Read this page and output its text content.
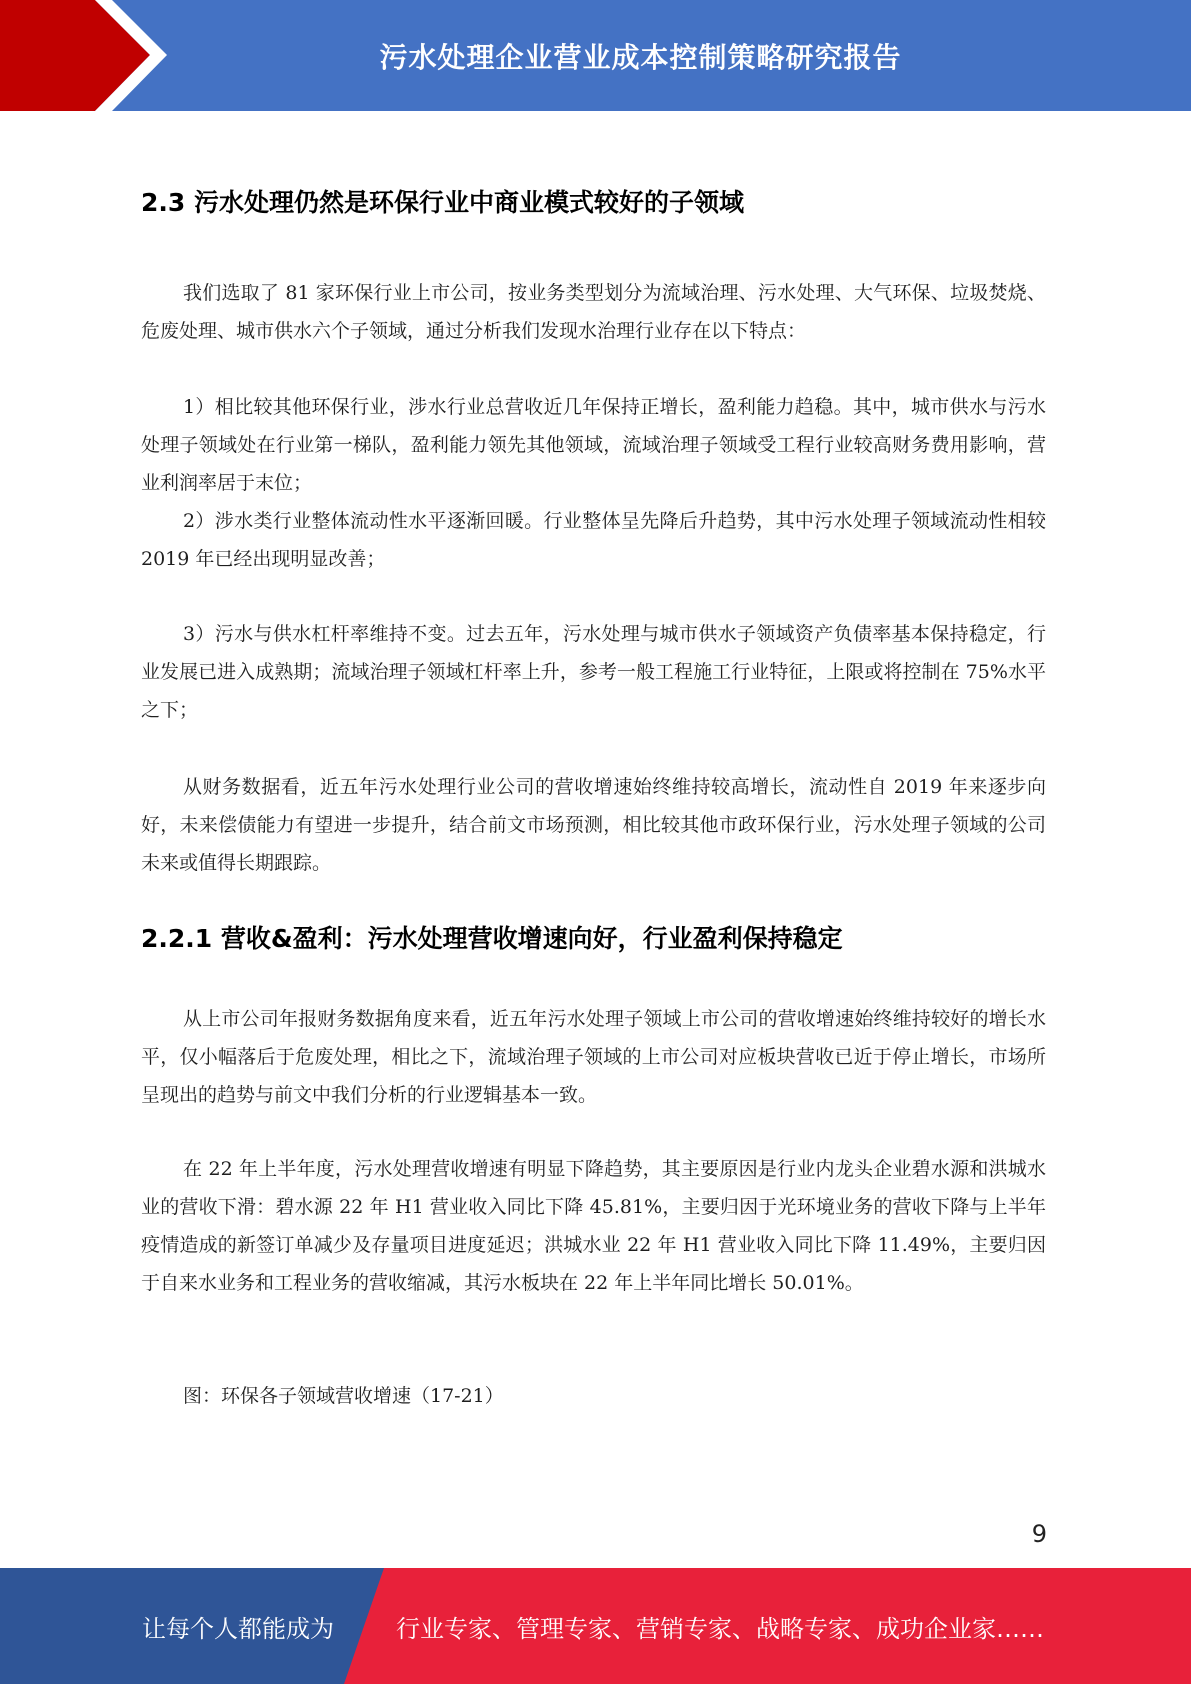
污水处理企业营业成本控制策略研究报告
2.3 污水处理仍然是环保行业中商业模式较好的子领域

我们选取了 81 家环保行业上市公司，按业务类型划分为流域治理、污水处理、大气环保、垃圾焚烧、危废处理、城市供水六个子领域，通过分析我们发现水治理行业存在以下特点：

1）相比较其他环保行业，涉水行业总营收近几年保持正增长，盈利能力趋稳。其中，城市供水与污水处理子领域处在行业第一梯队，盈利能力领先其他领域，流域治理子领域受工程行业较高财务费用影响，营业利润率居于末位；

2）涉水类行业整体流动性水平逐渐回暖。行业整体呈先降后升趋势，其中污水处理子领域流动性相较 2019 年已经出现明显改善；

3）污水与供水杠杆率维持不变。过去五年，污水处理与城市供水子领域资产负债率基本保持稳定，行业发展已进入成熟期；流域治理子领域杠杆率上升，参考一般工程施工行业特征，上限或将控制在 75%水平之下；

从财务数据看，近五年污水处理行业公司的营收增速始终维持较高增长，流动性自 2019 年来逐步向好，未来偿债能力有望进一步提升，结合前文市场预测，相比较其他市政环保行业，污水处理子领域的公司未来或值得长期跟踪。

2.2.1 营收&盈利：污水处理营收增速向好，行业盈利保持稳定

从上市公司年报财务数据角度来看，近五年污水处理子领域上市公司的营收增速始终维持较好的增长水平，仅小幅落后于危废处理，相比之下，流域治理子领域的上市公司对应板块营收已近于停止增长，市场所呈现出的趋势与前文中我们分析的行业逻辑基本一致。

在 22 年上半年度，污水处理营收增速有明显下降趋势，其主要原因是行业内龙头企业碧水源和洪城水业的营收下滑：碧水源 22 年 H1 营业收入同比下降 45.81%，主要归因于光环境业务的营收下降与上半年疫情造成的新签订单减少及存量项目进度延迟；洪城水业 22 年 H1 营业收入同比下降 11.49%，主要归因于自来水业务和工程业务的营收缩减，其污水板块在 22 年上半年同比增长 50.01%。

图：环保各子领域营收增速（17-21）

9
让每个人都能成为	行业专家、管理专家、营销专家、战略专家、成功企业家……
